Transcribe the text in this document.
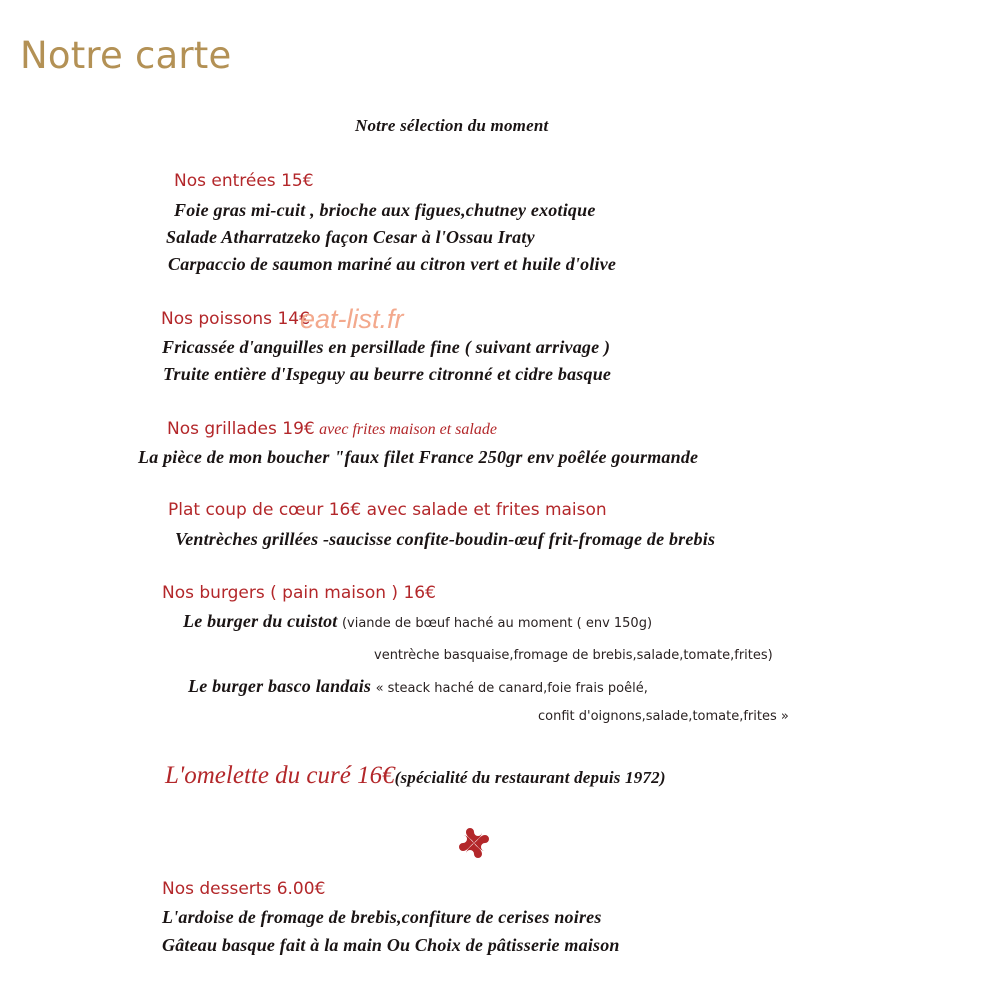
Notre carte
Notre sélection du moment
Nos entrées 15€
Foie gras mi-cuit , brioche aux figues,chutney exotique
Salade Atharratzeko façon Cesar à l'Ossau Iraty
Carpaccio de saumon mariné au citron vert et huile d'olive
Nos poissons 14€
Fricassée d'anguilles en persillade fine ( suivant arrivage )
Truite entière d'Ispeguy au beurre citronné et cidre basque
Nos grillades 19€ avec frites maison et salade
La pièce de mon boucher "faux filet France 250gr env poêlée gourmande
Plat coup de cœur 16€ avec salade et frites maison
Ventrèches grillées -saucisse confite-boudin-œuf frit-fromage de brebis
Nos burgers ( pain maison ) 16€
Le burger du cuistot (viande de bœuf haché au moment ( env 150g)
ventrèche basquaise,fromage de brebis,salade,tomate,frites)
Le burger basco landais « steack haché de canard,foie frais poêlé,
confit d'oignons,salade,tomate,frites »
L'omelette du curé 16€(spécialité du restaurant depuis 1972)
Nos desserts 6.00€
L'ardoise de fromage de brebis,confiture de cerises noires
Gâteau basque fait à la main Ou Choix de pâtisserie maison
eat-list.fr
